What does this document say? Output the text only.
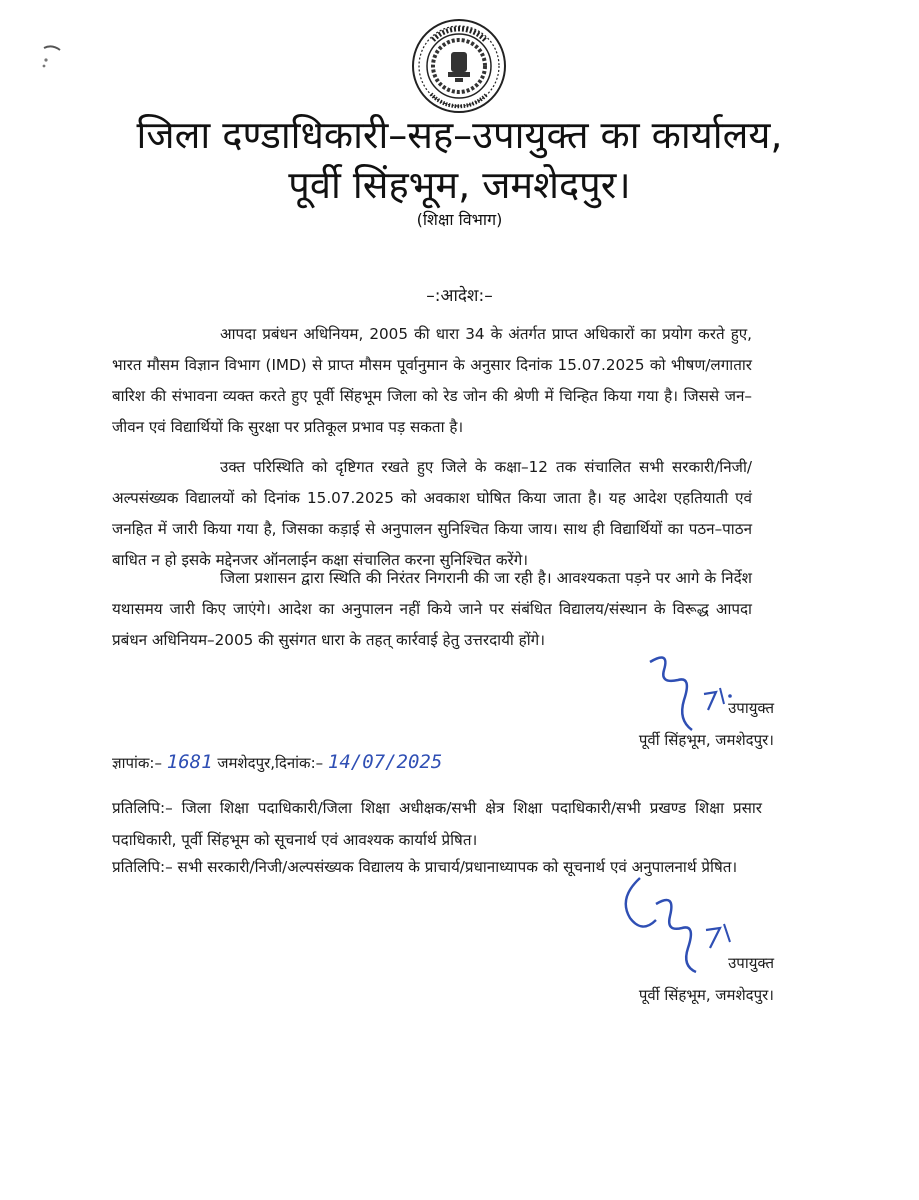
जिला दण्डाधिकारी–सह–उपायुक्त का कार्यालय,
पूर्वी सिंहभूम, जमशेदपुर।
(शिक्षा विभाग)
–:आदेश:–
आपदा प्रबंधन अधिनियम, 2005 की धारा 34 के अंतर्गत प्राप्त अधिकारों का प्रयोग करते हुए, भारत मौसम विज्ञान विभाग (IMD) से प्राप्त मौसम पूर्वानुमान के अनुसार दिनांक 15.07.2025 को भीषण/लगातार बारिश की संभावना व्यक्त करते हुए पूर्वी सिंहभूम जिला को रेड जोन की श्रेणी में चिन्हित किया गया है। जिससे जन–जीवन एवं विद्यार्थियों कि सुरक्षा पर प्रतिकूल प्रभाव पड़ सकता है।
उक्त परिस्थिति को दृष्टिगत रखते हुए जिले के कक्षा–12 तक संचालित सभी सरकारी/निजी/अल्पसंख्यक विद्यालयों को दिनांक 15.07.2025 को अवकाश घोषित किया जाता है। यह आदेश एहतियाती एवं जनहित में जारी किया गया है, जिसका कड़ाई से अनुपालन सुनिश्चित किया जाय। साथ ही विद्यार्थियों का पठन–पाठन बाधित न हो इसके मद्देनजर ऑनलाईन कक्षा संचालित करना सुनिश्चित करेंगे।
जिला प्रशासन द्वारा स्थिति की निरंतर निगरानी की जा रही है। आवश्यकता पड़ने पर आगे के निर्देश यथासमय जारी किए जाएंगे। आदेश का अनुपालन नहीं किये जाने पर संबंधित विद्यालय/संस्थान के विरूद्ध आपदा प्रबंधन अधिनियम–2005 की सुसंगत धारा के तहत् कार्रवाई हेतु उत्तरदायी होंगे।
उपायुक्त
पूर्वी सिंहभूम, जमशेदपुर।
ज्ञापांक:– 1681 जमशेदपुर,दिनांक:– 14/07/2025
प्रतिलिपि:– जिला शिक्षा पदाधिकारी/जिला शिक्षा अधीक्षक/सभी क्षेत्र शिक्षा पदाधिकारी/सभी प्रखण्ड शिक्षा प्रसार पदाधिकारी, पूर्वी सिंहभूम को सूचनार्थ एवं आवश्यक कार्यार्थ प्रेषित।
प्रतिलिपि:– सभी सरकारी/निजी/अल्पसंख्यक विद्यालय के प्राचार्य/प्रधानाध्यापक को सूचनार्थ एवं अनुपालनार्थ प्रेषित।
उपायुक्त
पूर्वी सिंहभूम, जमशेदपुर।
